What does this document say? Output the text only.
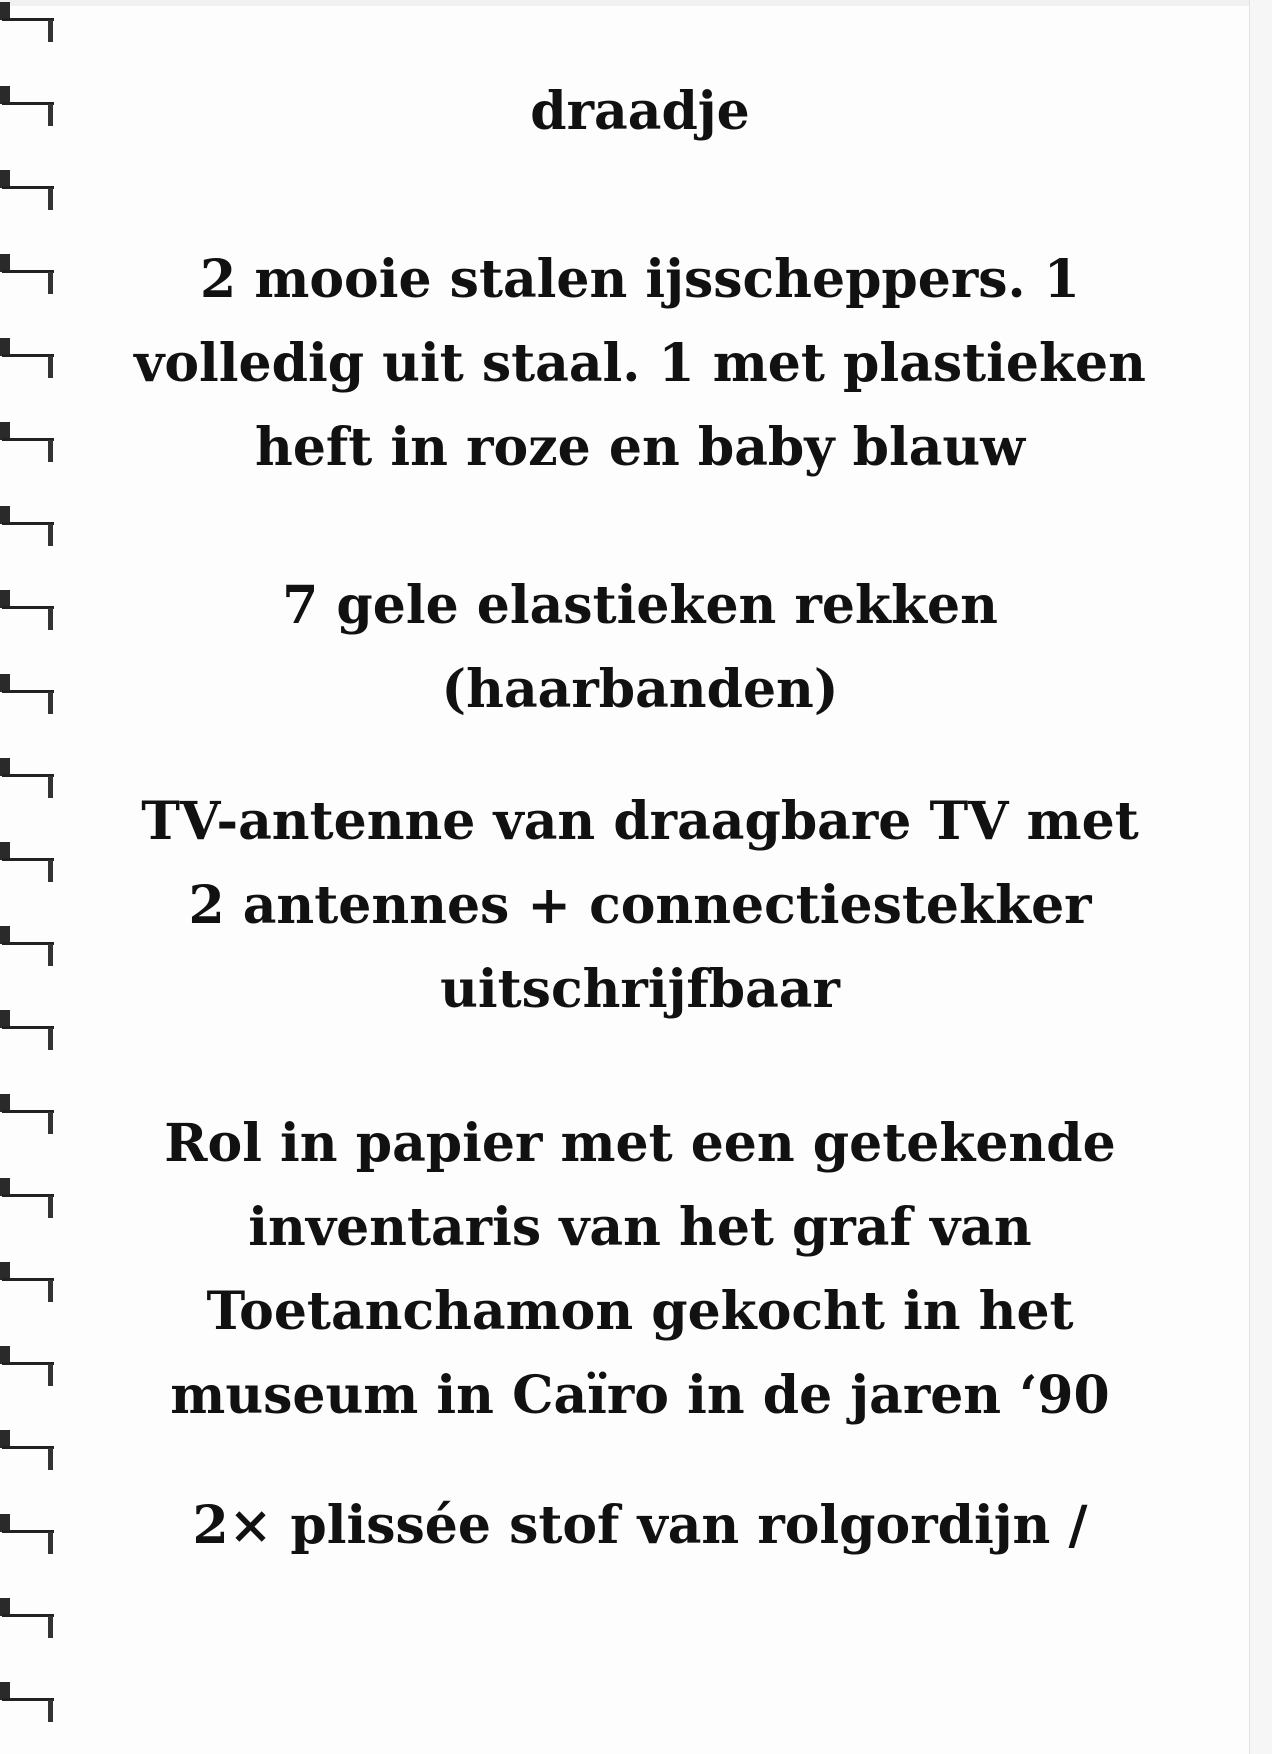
draadje

2 mooie stalen ijsscheppers. 1
volledig uit staal. 1 met plastieken
heft in roze en baby blauw

7 gele elastieken rekken
(haarbanden)

TV-antenne van draagbare TV met
2 antennes + connectiestekker
uitschrijfbaar

Rol in papier met een getekende
inventaris van het graf van
Toetanchamon gekocht in het
museum in Caïro in de jaren ‘90

2× plissée stof van rolgordijn /
